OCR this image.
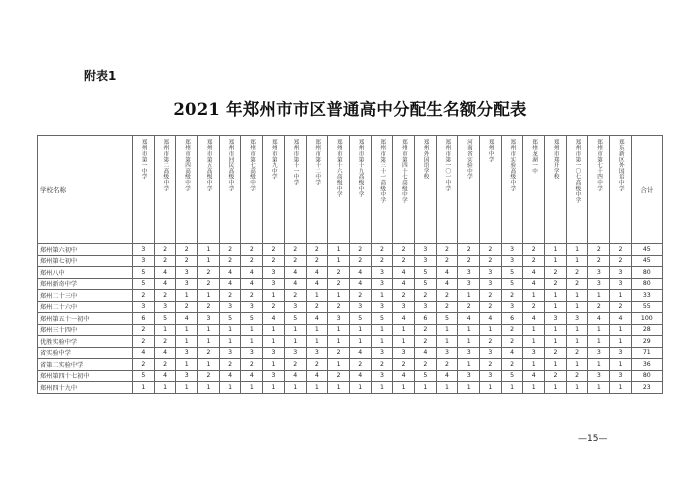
附表1
2021 年郑州市市区普通高中分配生名额分配表
学校名称	郑州市第一中学	郑州市第二高级中学	郑州市第四高级中学	郑州市第五高级中学	郑州市回民高级中学	郑州市第七高级中学	郑州市第九中学	郑州市第十一中学	郑州市第十二中学	郑州市第十六高级中学	郑州市第十九高级中学	郑州市第三十一高级中学	郑州市第四十七高级中学	郑州外国语学校	郑州市第一〇一中学	河南省实验中学	郑州中学	郑州市实验高级中学	郑州龙湖一中	郑州市郑开学校	郑州市第一〇七高级中学	郑州市第七十四中学	郑东新区外国语中学	合计
郑州第六初中	3	2	2	1	2	2	2	2	2	1	2	2	2	3	2	2	2	3	2	1	1	2	2	45
郑州第七初中	3	2	2	1	2	2	2	2	2	1	2	2	2	3	2	2	2	3	2	1	1	2	2	45
郑州八中	5	4	3	2	4	4	3	4	4	2	4	3	4	5	4	3	3	5	4	2	2	3	3	80
郑州新奇中学	5	4	3	2	4	4	3	4	4	2	4	3	4	5	4	3	3	5	4	2	2	3	3	80
郑州二十三中	2	2	1	1	2	2	1	2	1	1	2	1	2	2	2	1	2	2	1	1	1	1	1	33
郑州二十六中	3	3	2	2	3	3	2	3	2	2	3	3	3	3	2	2	2	3	2	1	1	2	2	55
郑州第五十一初中	6	5	4	3	5	5	4	5	4	3	5	5	4	6	5	4	4	6	4	3	3	4	4	100
郑州三十四中	2	1	1	1	1	1	1	1	1	1	1	1	1	2	1	1	1	2	1	1	1	1	1	28
优胜实验中学	2	2	1	1	1	1	1	1	1	1	1	1	1	2	1	1	2	2	1	1	1	1	1	29
省实验中学	4	4	3	2	3	3	3	3	3	2	4	3	3	4	3	3	3	4	3	2	2	3	3	71
省第二实验中学	2	2	1	1	2	2	1	2	2	1	2	2	2	2	2	1	2	2	1	1	1	1	1	36
郑州第四十七初中	5	4	3	2	4	4	3	4	4	2	4	3	4	5	4	3	3	5	4	2	2	3	3	80
郑州四十九中	1	1	1	1	1	1	1	1	1	1	1	1	1	1	1	1	1	1	1	1	1	1	1	23
—15—
